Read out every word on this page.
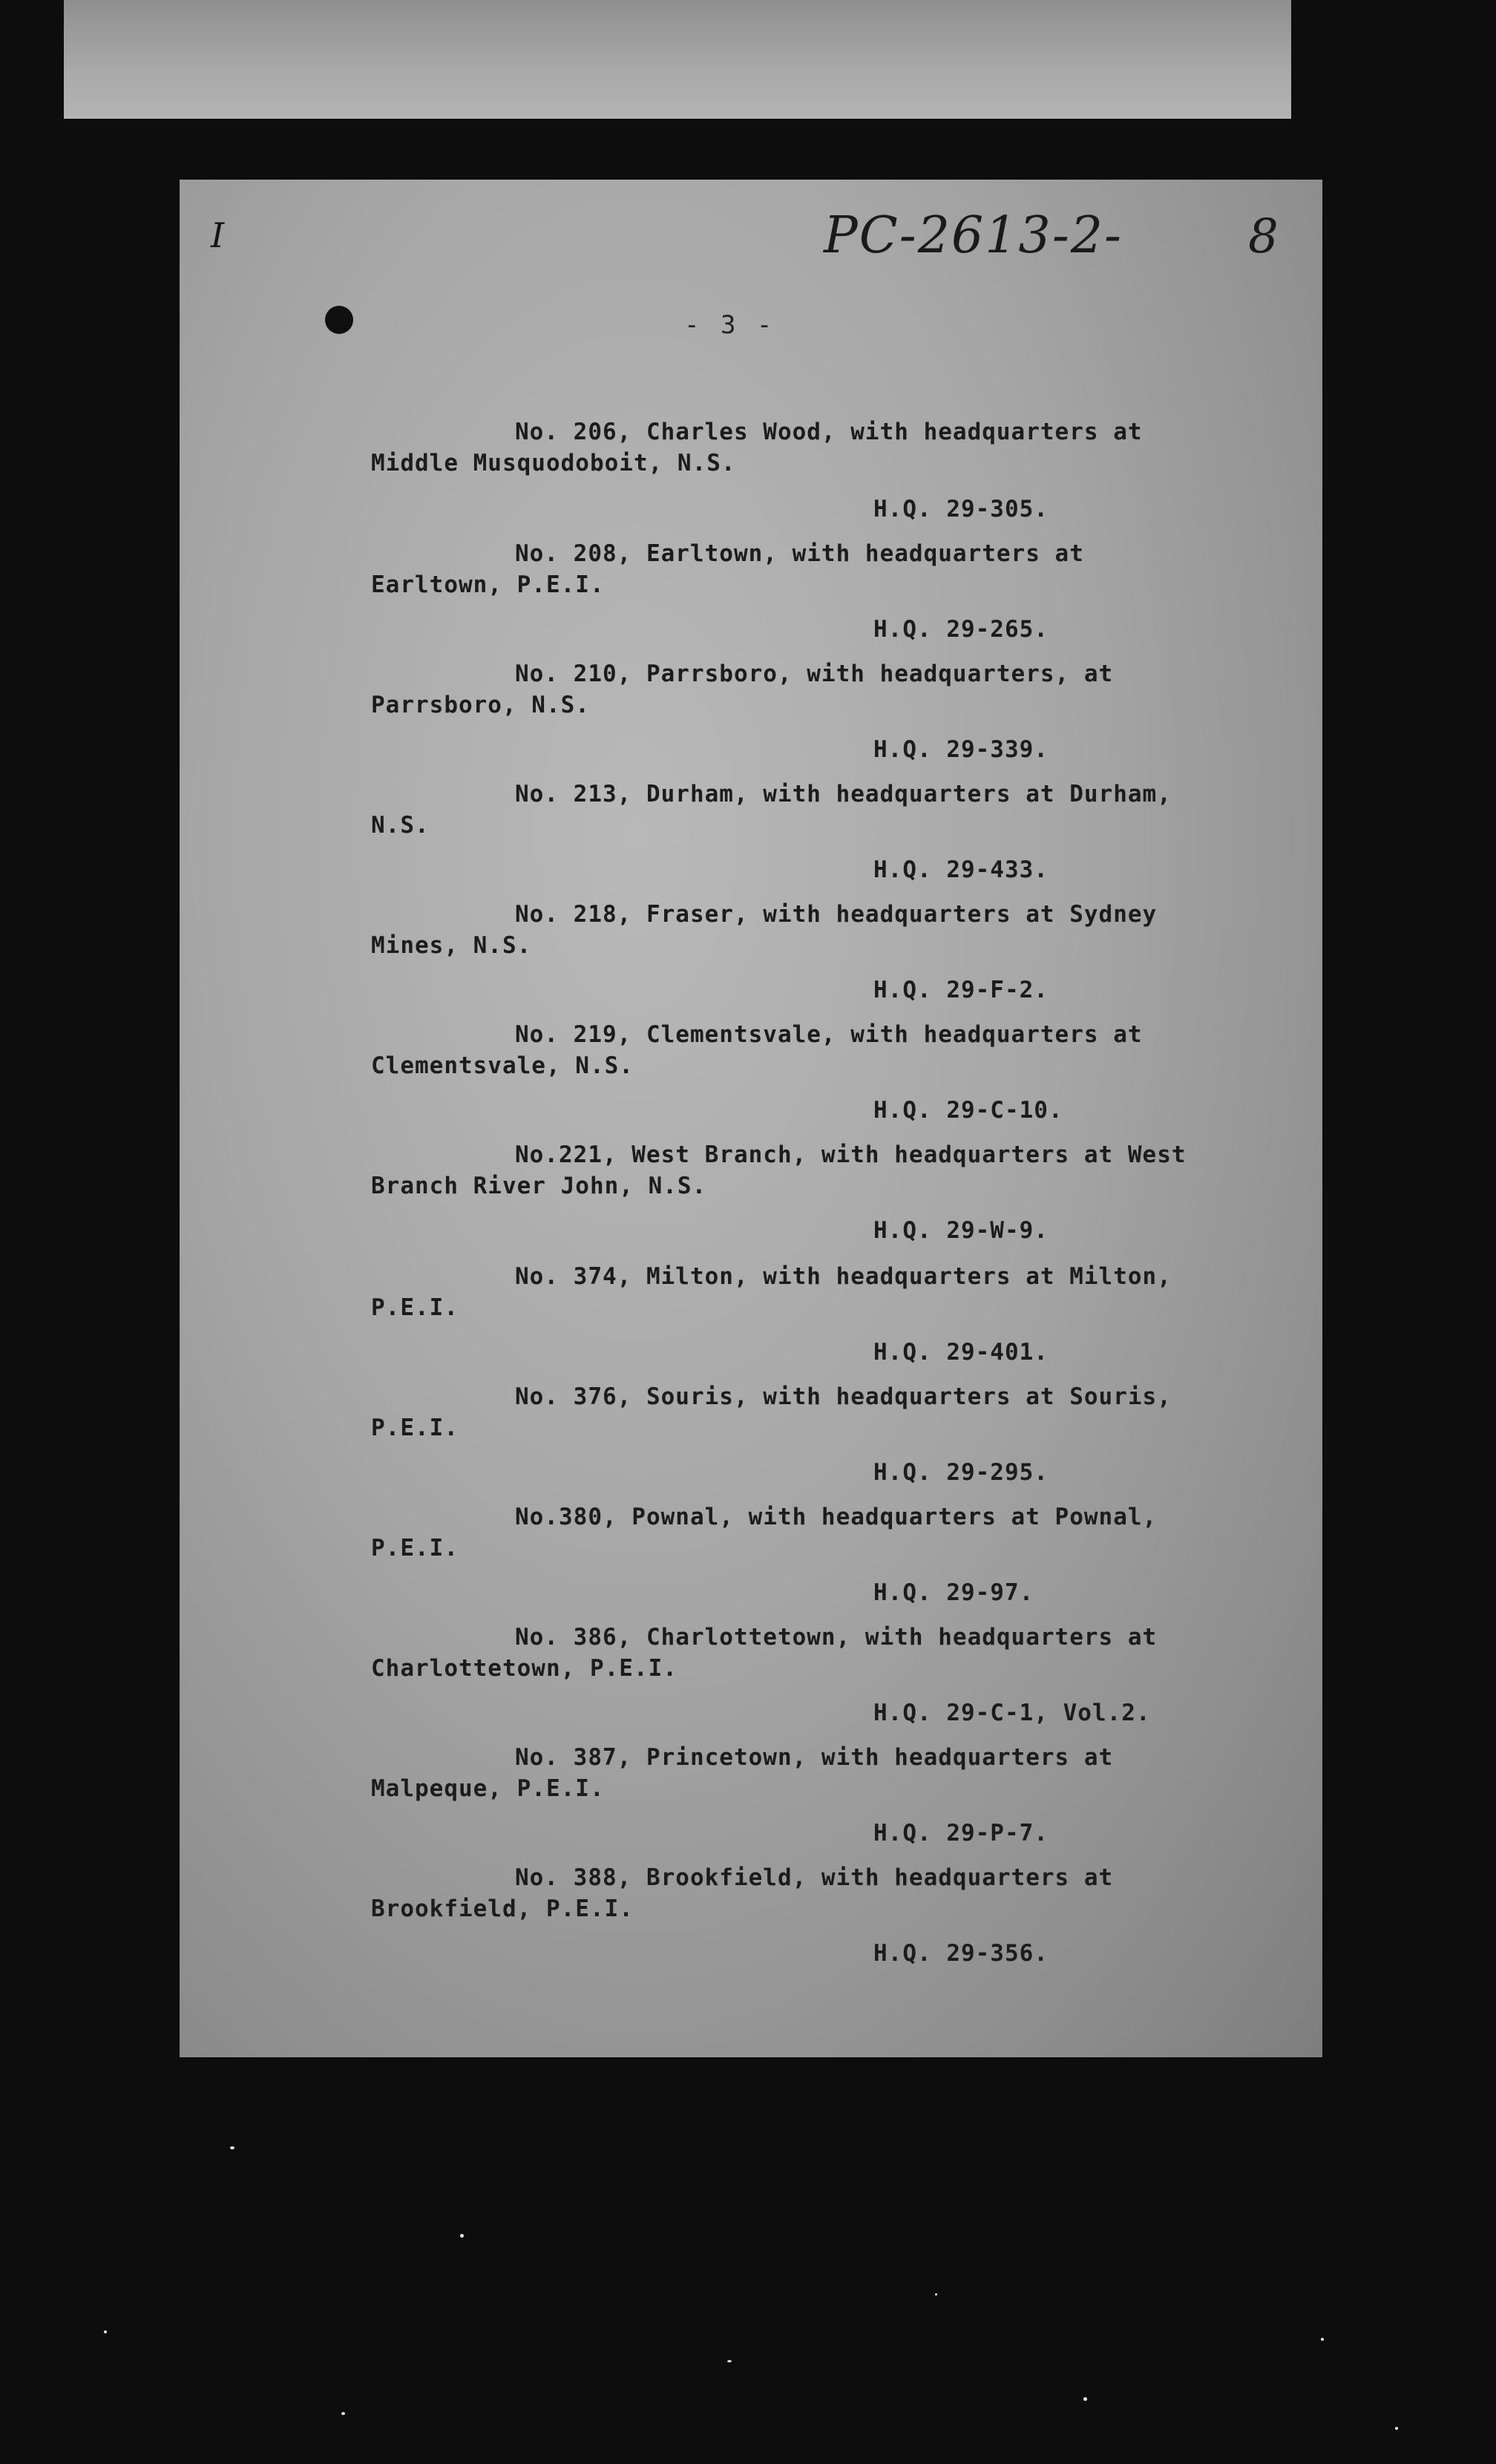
I	PC-2613-2-	8
- 3 -
No. 206, Charles Wood, with headquarters at
Middle Musquodoboit, N.S.
H.Q. 29-305.
No. 208, Earltown, with headquarters at
Earltown, P.E.I.
H.Q. 29-265.
No. 210, Parrsboro, with headquarters, at
Parrsboro, N.S.
H.Q. 29-339.
No. 213, Durham, with headquarters at Durham,
N.S.
H.Q. 29-433.
No. 218, Fraser, with headquarters at Sydney
Mines, N.S.
H.Q. 29-F-2.
No. 219, Clementsvale, with headquarters at
Clementsvale, N.S.
H.Q. 29-C-10.
No.221, West Branch, with headquarters at West
Branch River John, N.S.
H.Q. 29-W-9.
No. 374, Milton, with headquarters at Milton,
P.E.I.
H.Q. 29-401.
No. 376, Souris, with headquarters at Souris,
P.E.I.
H.Q. 29-295.
No.380, Pownal, with headquarters at Pownal,
P.E.I.
H.Q. 29-97.
No. 386, Charlottetown, with headquarters at
Charlottetown, P.E.I.
H.Q. 29-C-1, Vol.2.
No. 387, Princetown, with headquarters at
Malpeque, P.E.I.
H.Q. 29-P-7.
No. 388, Brookfield, with headquarters at
Brookfield, P.E.I.
H.Q. 29-356.
